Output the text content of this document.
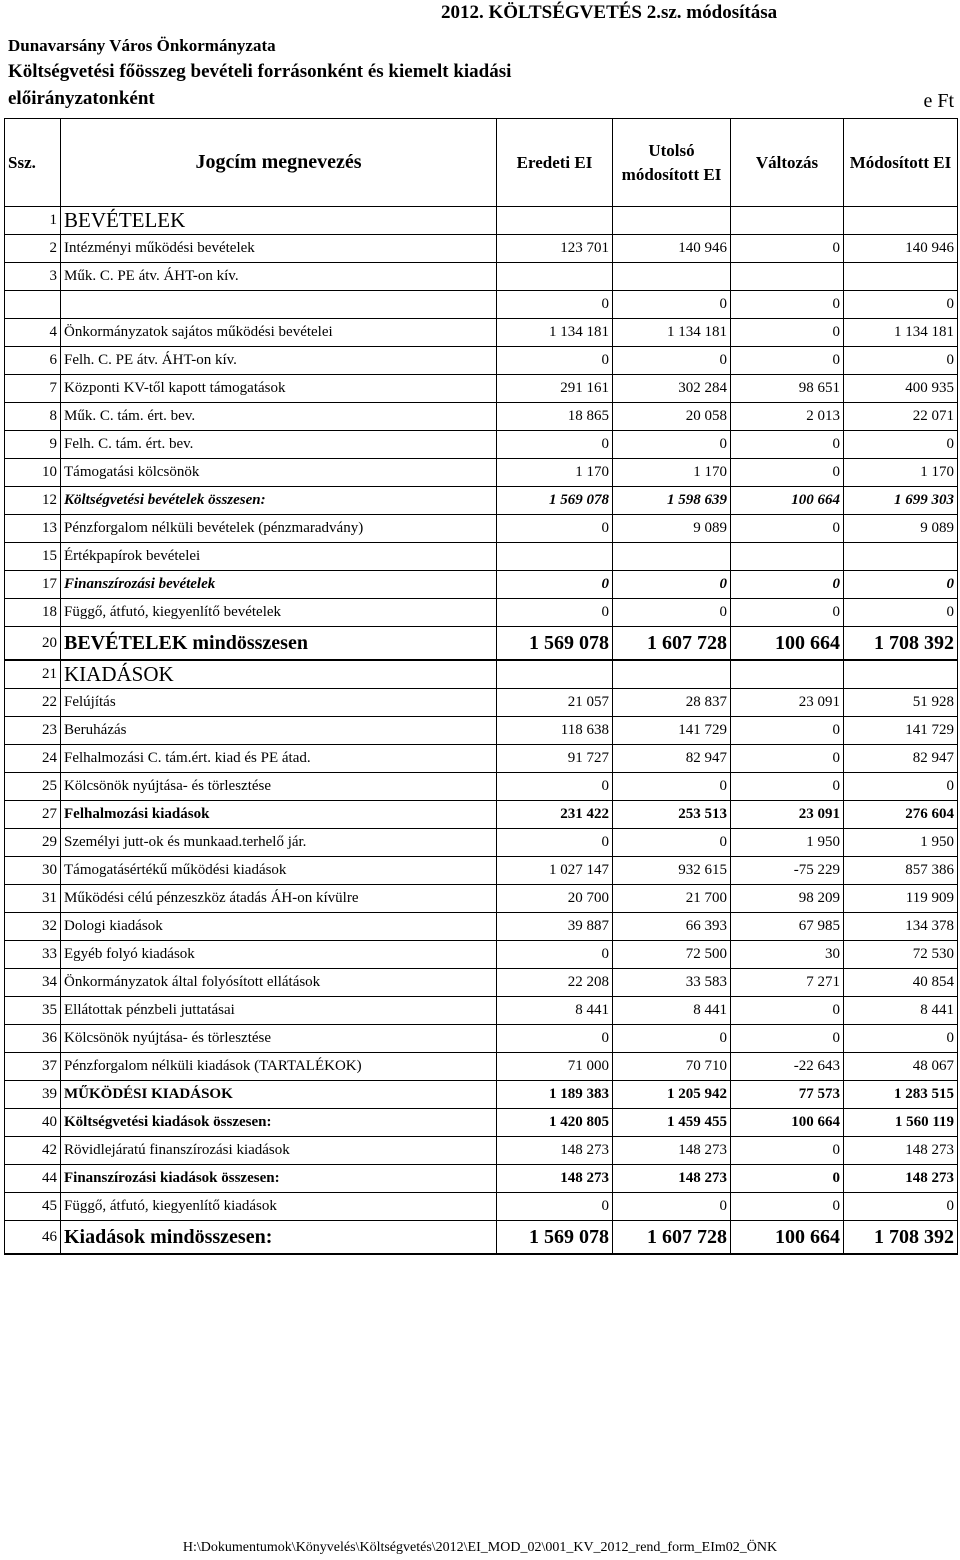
2012. KÖLTSÉGVETÉS 2.sz. módosítása
Dunavarsány Város Önkormányzata
Költségvetési főösszeg bevételi forrásonként és kiemelt kiadási előirányzatonként	e Ft
Ssz.	Jogcím megnevezés	Eredeti EI	Utolsó módosított EI	Változás	Módosított EI
1	BEVÉTELEK				
2	Intézményi működési bevételek	123 701	140 946	0	140 946
3	Műk. C. PE átv. ÁHT-on kív.				
		0	0	0	0
4	Önkormányzatok sajátos működési bevételei	1 134 181	1 134 181	0	1 134 181
6	Felh. C. PE átv. ÁHT-on kív.	0	0	0	0
7	Központi KV-től kapott támogatások	291 161	302 284	98 651	400 935
8	Műk. C. tám. ért. bev.	18 865	20 058	2 013	22 071
9	Felh. C. tám. ért. bev.	0	0	0	0
10	Támogatási kölcsönök	1 170	1 170	0	1 170
12	Költségvetési bevételek összesen:	1 569 078	1 598 639	100 664	1 699 303
13	Pénzforgalom nélküli bevételek (pénzmaradvány)	0	9 089	0	9 089
15	Értékpapírok bevételei				
17	Finanszírozási bevételek	0	0	0	0
18	Függő, átfutó, kiegyenlítő bevételek	0	0	0	0
20	BEVÉTELEK mindösszesen	1 569 078	1 607 728	100 664	1 708 392
21	KIADÁSOK				
22	Felújítás	21 057	28 837	23 091	51 928
23	Beruházás	118 638	141 729	0	141 729
24	Felhalmozási C. tám.ért. kiad és PE átad.	91 727	82 947	0	82 947
25	Kölcsönök nyújtása- és törlesztése	0	0	0	0
27	Felhalmozási kiadások	231 422	253 513	23 091	276 604
29	Személyi jutt-ok és munkaad.terhelő jár.	0	0	1 950	1 950
30	Támogatásértékű működési kiadások	1 027 147	932 615	-75 229	857 386
31	Működési célú pénzeszköz átadás ÁH-on kívülre	20 700	21 700	98 209	119 909
32	Dologi kiadások	39 887	66 393	67 985	134 378
33	Egyéb folyó kiadások	0	72 500	30	72 530
34	Önkormányzatok által folyósított ellátások	22 208	33 583	7 271	40 854
35	Ellátottak pénzbeli juttatásai	8 441	8 441	0	8 441
36	Kölcsönök nyújtása- és törlesztése	0	0	0	0
37	Pénzforgalom nélküli kiadások (TARTALÉKOK)	71 000	70 710	-22 643	48 067
39	MŰKÖDÉSI KIADÁSOK	1 189 383	1 205 942	77 573	1 283 515
40	Költségvetési kiadások összesen:	1 420 805	1 459 455	100 664	1 560 119
42	Rövidlejáratú finanszírozási kiadások	148 273	148 273	0	148 273
44	Finanszírozási kiadások összesen:	148 273	148 273	0	148 273
45	Függő, átfutó, kiegyenlítő kiadások	0	0	0	0
46	Kiadások mindösszesen:	1 569 078	1 607 728	100 664	1 708 392
H:\Dokumentumok\Könyvelés\Költségvetés\2012\EI_MOD_02\001_KV_2012_rend_form_EIm02_ÖNK
